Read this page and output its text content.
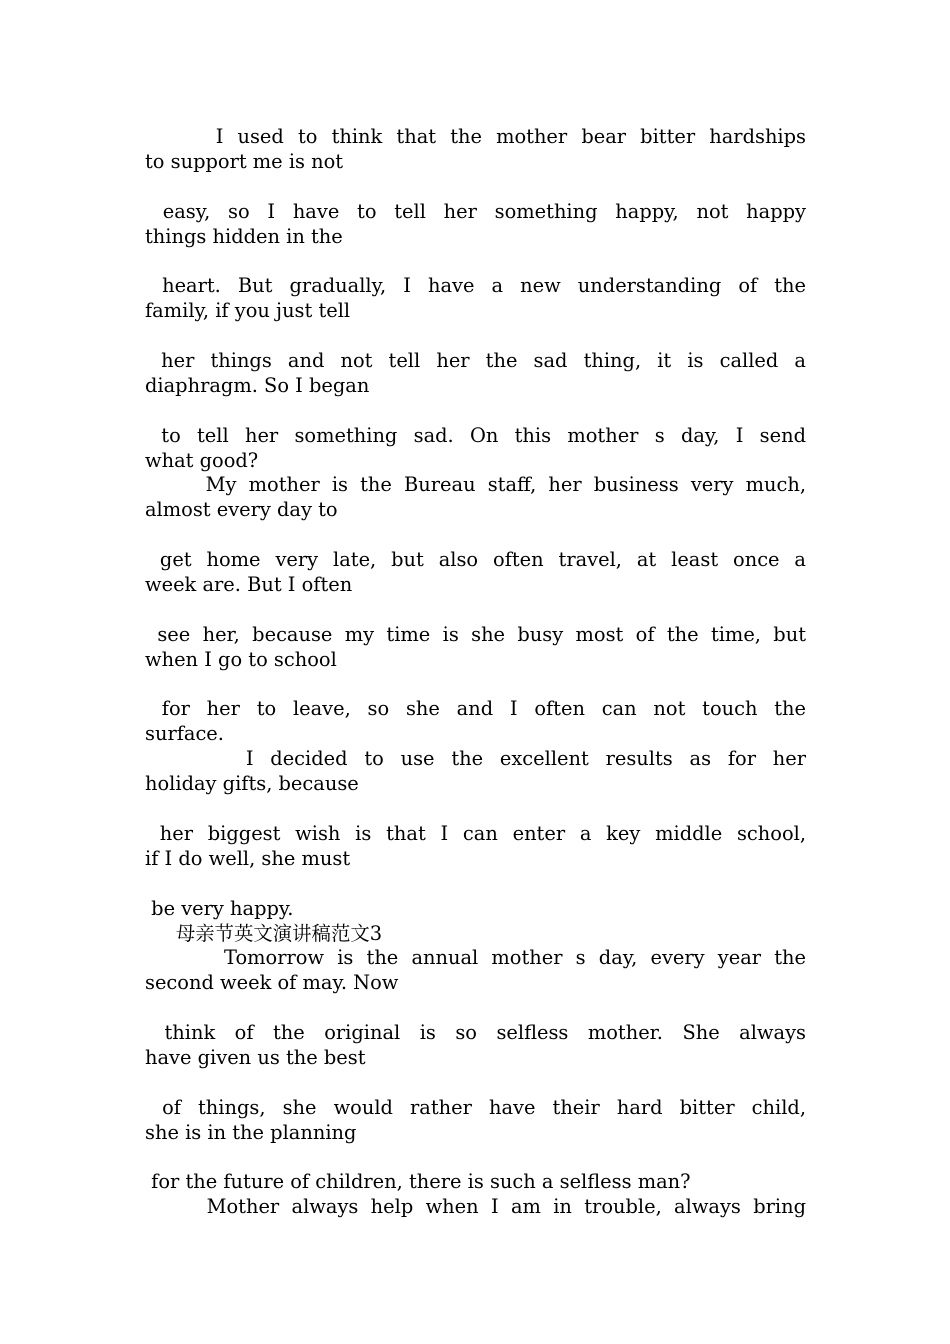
I used to think that the mother bear bitter hardships
to support me is not
easy, so I have to tell her something happy, not happy
things hidden in the
heart. But gradually, I have a new understanding of the
family, if you just tell
her things and not tell her the sad thing, it is called a
diaphragm. So I began
to tell her something sad. On this mother s day, I send
what good?
My mother is the Bureau staff, her business very much,
almost every day to
get home very late, but also often travel, at least once a
week are. But I often
see her, because my time is she busy most of the time, but
when I go to school
for her to leave, so she and I often can not touch the
surface.
I decided to use the excellent results as for her
holiday gifts, because
her biggest wish is that I can enter a key middle school,
if I do well, she must
be very happy.
母亲节英文演讲稿范文3
Tomorrow is the annual mother s day, every year the
second week of may. Now
think of the original is so selfless mother. She always
have given us the best
of things, she would rather have their hard bitter child,
she is in the planning
for the future of children, there is such a selfless man?
Mother always help when I am in trouble, always bring
